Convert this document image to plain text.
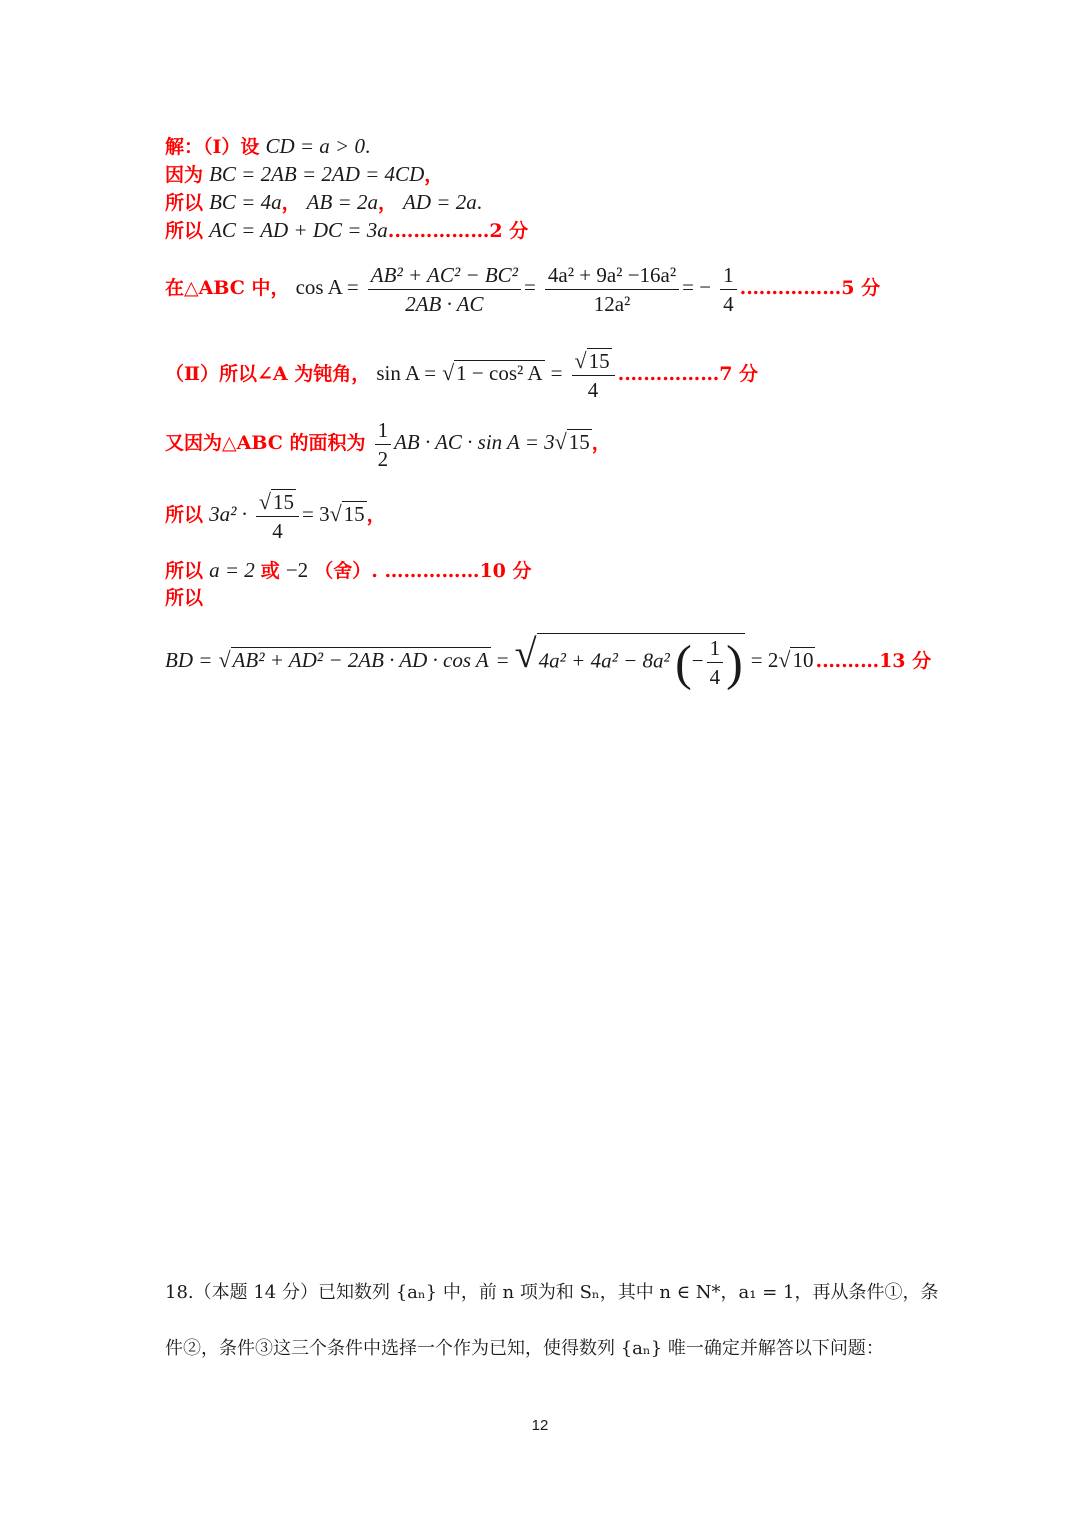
解：（Ⅰ）设 CD = a > 0.
因为 BC = 2AB = 2AD = 4CD，
所以 BC = 4a， AB = 2a， AD = 2a.
所以 AC = AD + DC = 3a.……………2 分
在△ABC 中， $\cos A = \frac{\text{AB² + AC² − BC²}}{2AB \cdot AC} = \frac{\text{4a² + 9a² −16a²}}{\text{12a²}}$ = − $\frac{1}{4}$ .……………5 分
（Ⅱ）所以∠A 为钝角， sin A = √1 − cos² $A = \frac{√15}{4}$ .……………7 分
又因为△ABC 的面积为 $\frac{1}{2}$ AB · AC · sin A = 3√15 ，
所以 $3a^2 \cdot \frac{√15}{4} = 3√15$ ，
所以 a = 2 或 −2 （舍）. ……………10 分
所以
BD = √AB² + AD² − 2AB · AD · cos A = √4a² + 4a² − 8a² (− $\frac{1}{4}$ ) = 2√10 .………13 分
18.（本题 14 分）已知数列 {aₙ} 中，前 n 项为和 Sₙ，其中 n ∈ N*，a₁ = 1，再从条件①，条
件②，条件③这三个条件中选择一个作为已知，使得数列 {aₙ} 唯一确定并解答以下问题：
12
